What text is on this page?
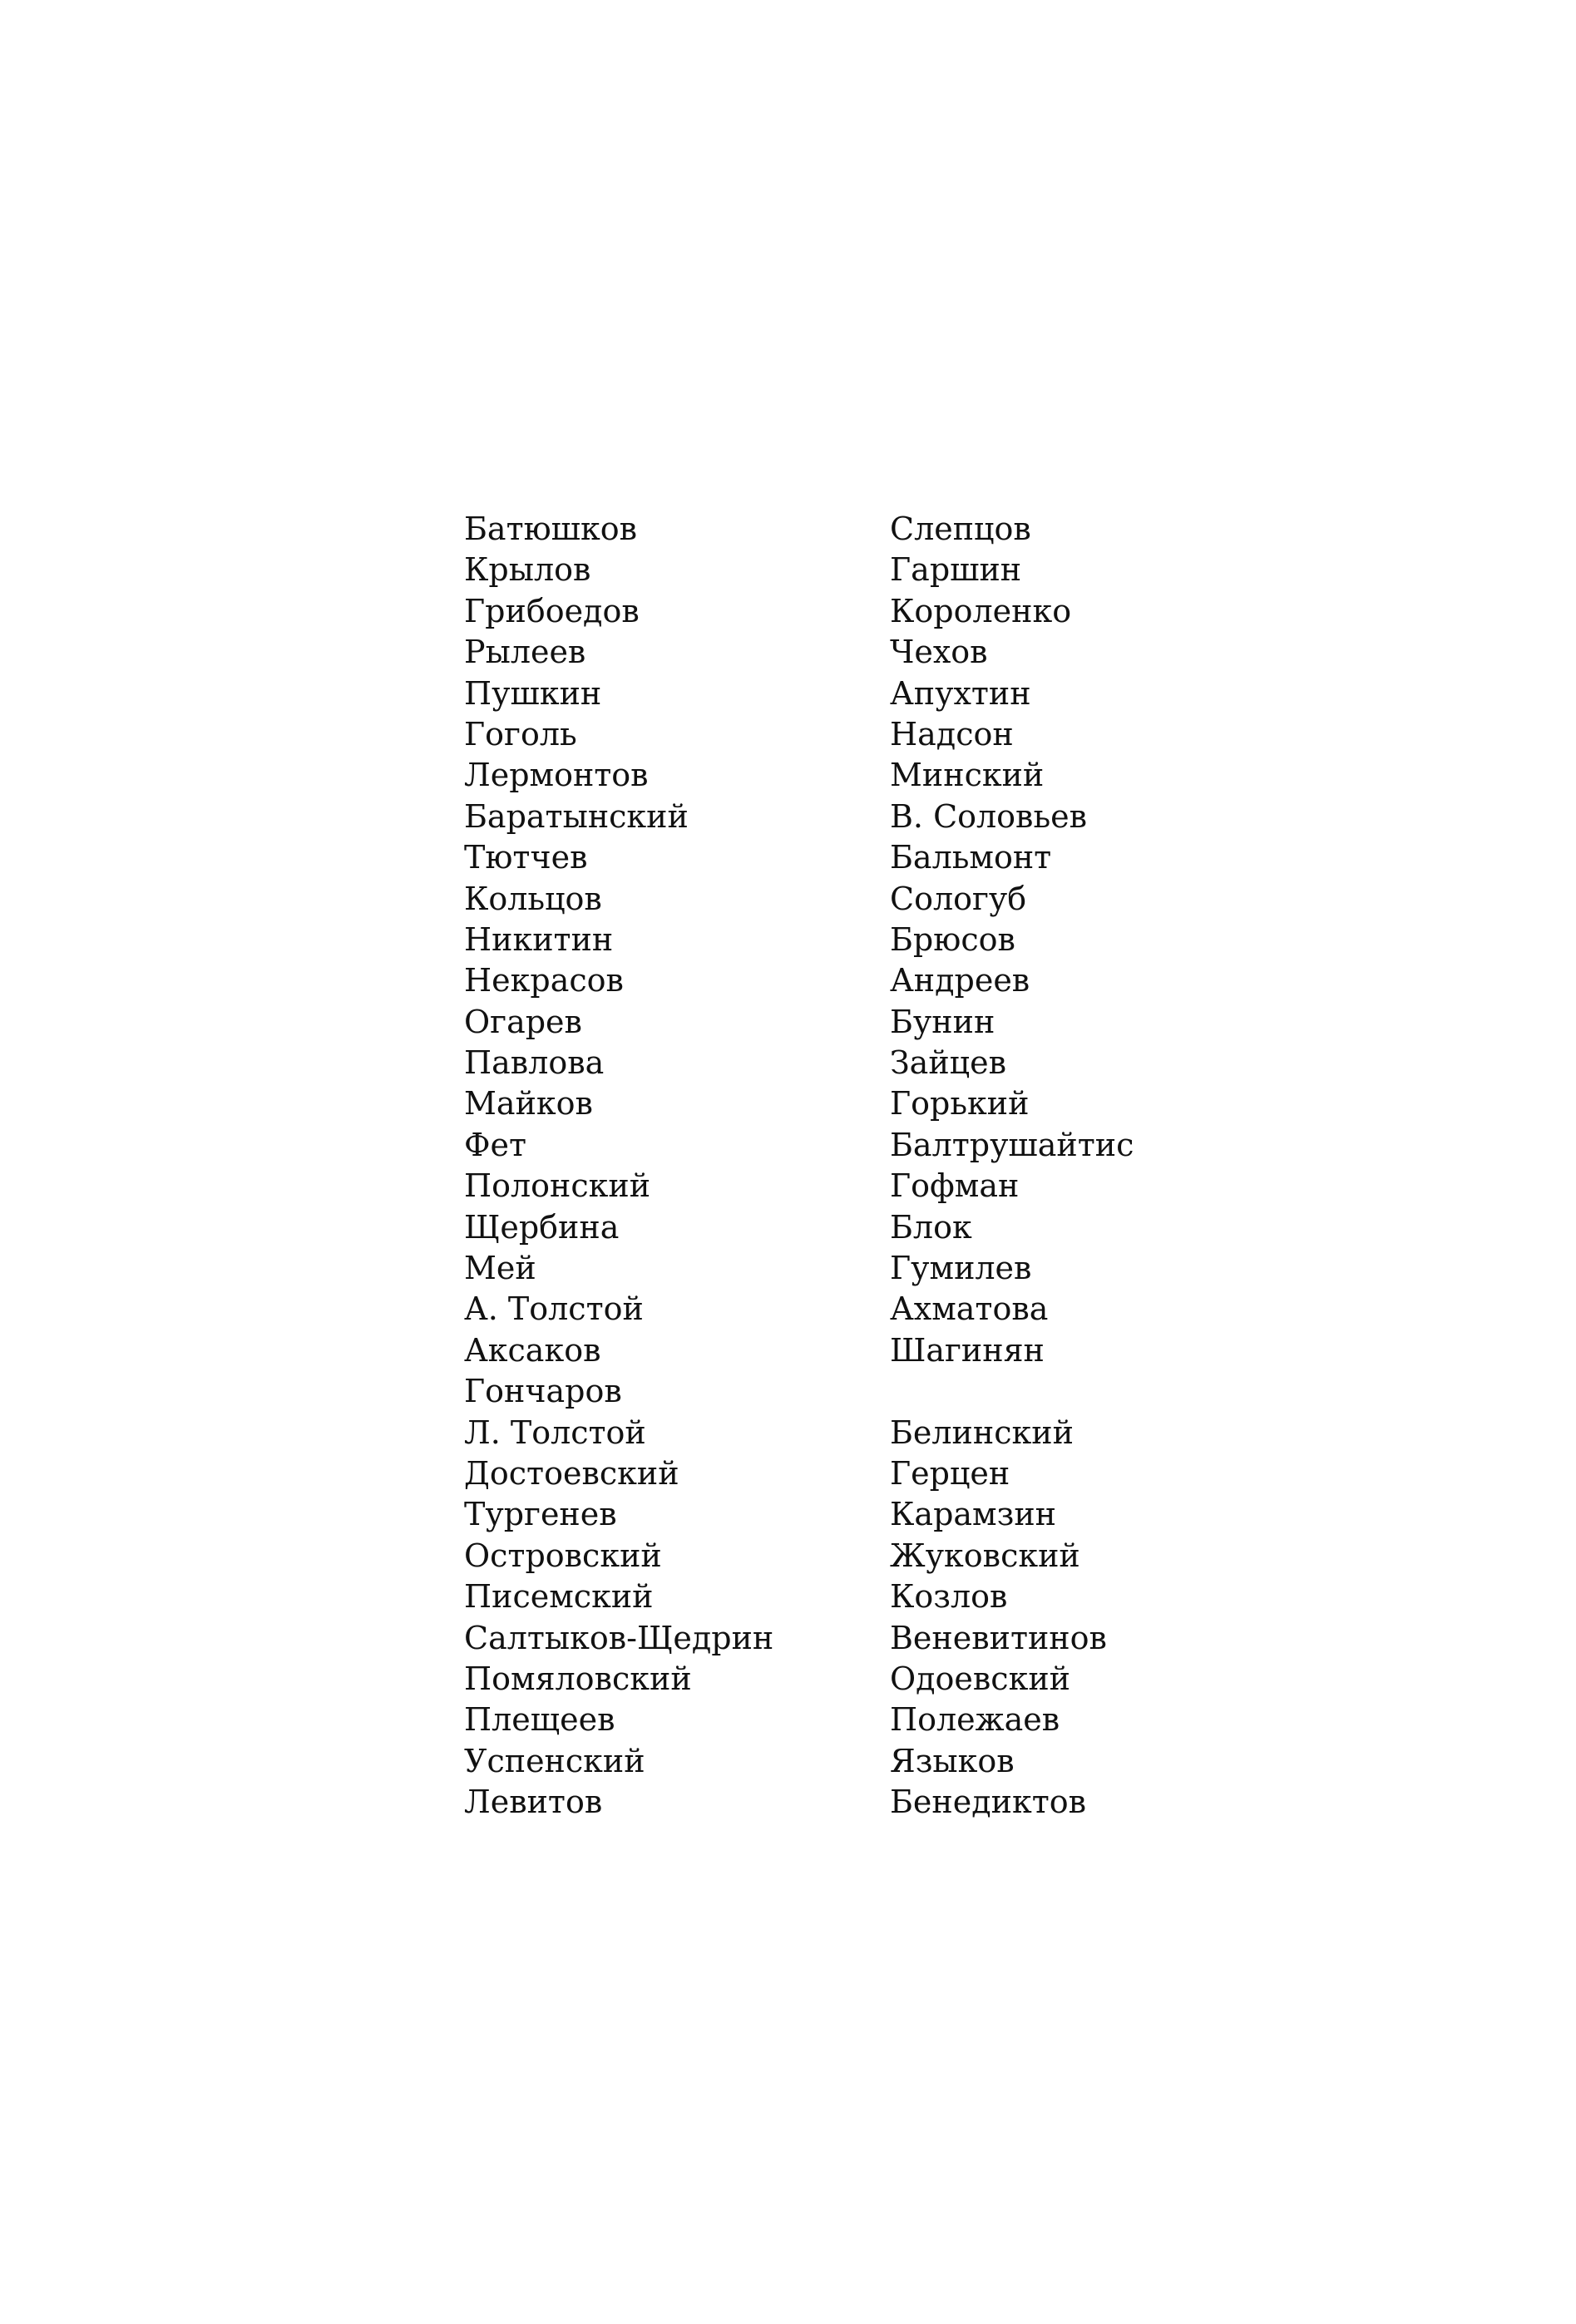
Батюшков
Крылов
Грибоедов
Рылеев
Пушкин
Гоголь
Лермонтов
Баратынский
Тютчев
Кольцов
Никитин
Некрасов
Огарев
Павлова
Майков
Фет
Полонский
Щербина
Мей
А. Толстой
Аксаков
Гончаров
Л. Толстой
Достоевский
Тургенев
Островский
Писемский
Салтыков-Щедрин
Помяловский
Плещеев
Успенский
Левитов
Слепцов
Гаршин
Короленко
Чехов
Апухтин
Надсон
Минский
В. Соловьев
Бальмонт
Сологуб
Брюсов
Андреев
Бунин
Зайцев
Горький
Балтрушайтис
Гофман
Блок
Гумилев
Ахматова
Шагинян
Белинский
Герцен
Карамзин
Жуковский
Козлов
Веневитинов
Одоевский
Полежаев
Языков
Бенедиктов
